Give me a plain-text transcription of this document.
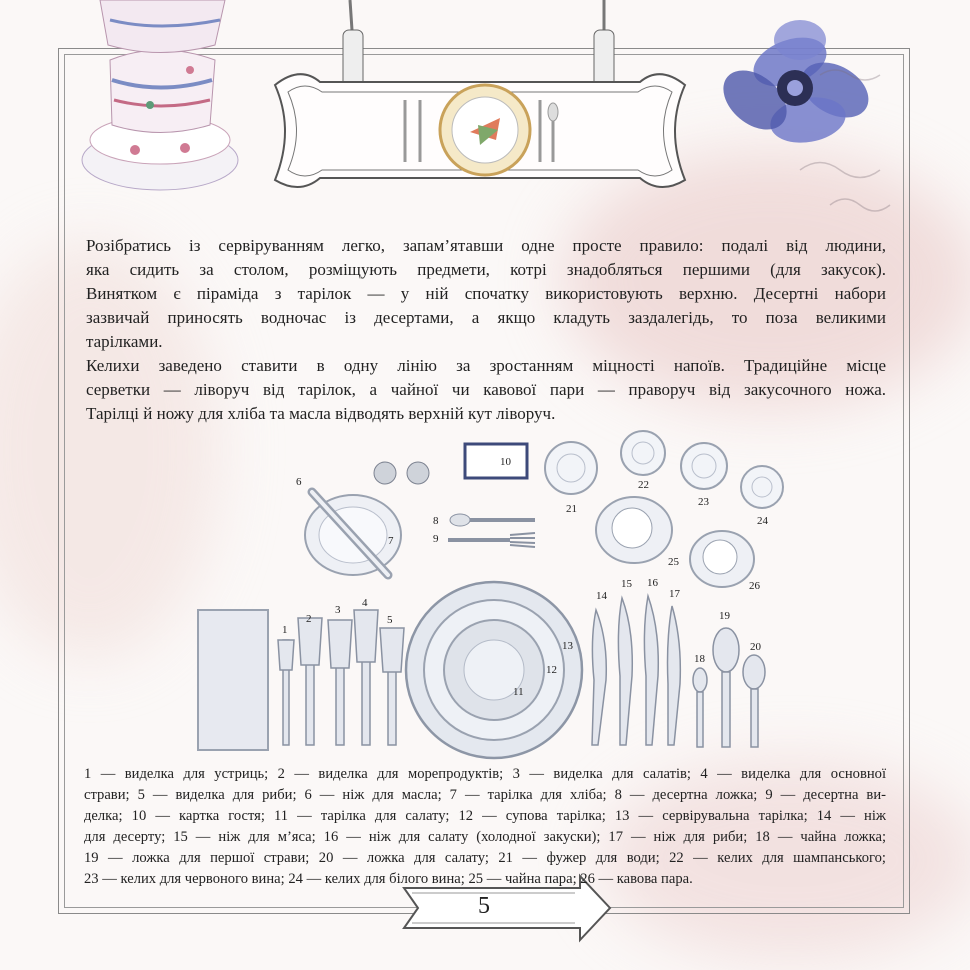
10
6
7
8
9
21
22
23
24
25
26
1
2
3
4
5
11
12
13
14
15 16
17
18
19
20

Розібратись із сервіруванням легко, запам’ятавши одне просте правило: подалі від людини,

яка сидить за столом, розміщують предмети, котрі знадобляться першими (для закусок).

Винятком є піраміда з тарілок — у ній спочатку використовують верхню. Десертні набори

зазвичай приносять водночас із десертами, а якщо кладуть заздалегідь, то поза великими

тарілками.

Келихи заведено ставити в одну лінію за зростанням міцності напоїв. Традиційне місце

серветки — ліворуч від тарілок, а чайної чи кавової пари — праворуч від закусочного ножа.

Тарілці й ножу для хліба та масла відводять верхній кут ліворуч.

1 — виделка для устриць; 2 — виделка для морепродуктів; 3 — виделка для салатів; 4 — виделка для основної

страви; 5 — виделка для риби; 6 — ніж для масла; 7 — тарілка для хліба; 8 — десертна ложка; 9 — десертна ви-

делка; 10 — картка гостя; 11 — тарілка для салату; 12 — супова тарілка; 13 — сервірувальна тарілка; 14 — ніж

для десерту; 15 — ніж для м’яса; 16 — ніж для салату (холодної закуски); 17 — ніж для риби; 18 — чайна ложка;

19 — ложка для першої страви; 20 — ложка для салату; 21 — фужер для води; 22 — келих для шампанського;

23 — келих для червоного вина; 24 — келих для білого вина; 25 — чайна пара; 26 — кавова пара.

5
